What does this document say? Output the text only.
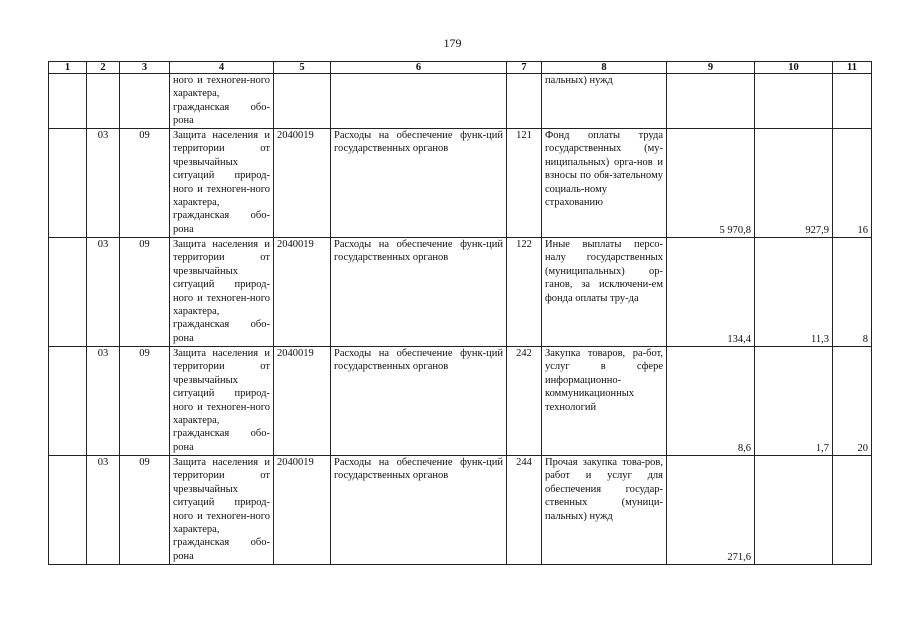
179
1	2	3	4	5	6	7	8	9	10	11
			ного и техноген-ного характера, гражданская обо-рона				пальных) нужд			
	03	09	Защита населения и территории от чрезвычайных ситуаций природ-ного и техноген-ного характера, гражданская обо-рона	2040019	Расходы на обеспечение функ-ций государственных органов	121	Фонд оплаты труда государственных (му-ниципальных) орга-нов и взносы по обя-зательному социаль-ному страхованию	5 970,8	927,9	16
	03	09	Защита населения и территории от чрезвычайных ситуаций природ-ного и техноген-ного характера, гражданская обо-рона	2040019	Расходы на обеспечение функ-ций государственных органов	122	Иные выплаты персо-налу государственных (муниципальных) ор-ганов, за исключени-ем фонда оплаты тру-да	134,4	11,3	8
	03	09	Защита населения и территории от чрезвычайных ситуаций природ-ного и техноген-ного характера, гражданская обо-рона	2040019	Расходы на обеспечение функ-ций государственных органов	242	Закупка товаров, ра-бот, услуг в сфере информационно-коммуникационных технологий	8,6	1,7	20
	03	09	Защита населения и территории от чрезвычайных ситуаций природ-ного и техноген-ного характера, гражданская обо-рона	2040019	Расходы на обеспечение функ-ций государственных органов	244	Прочая закупка това-ров, работ и услуг для обеспечения государ-ственных (муници-пальных) нужд	271,6		
